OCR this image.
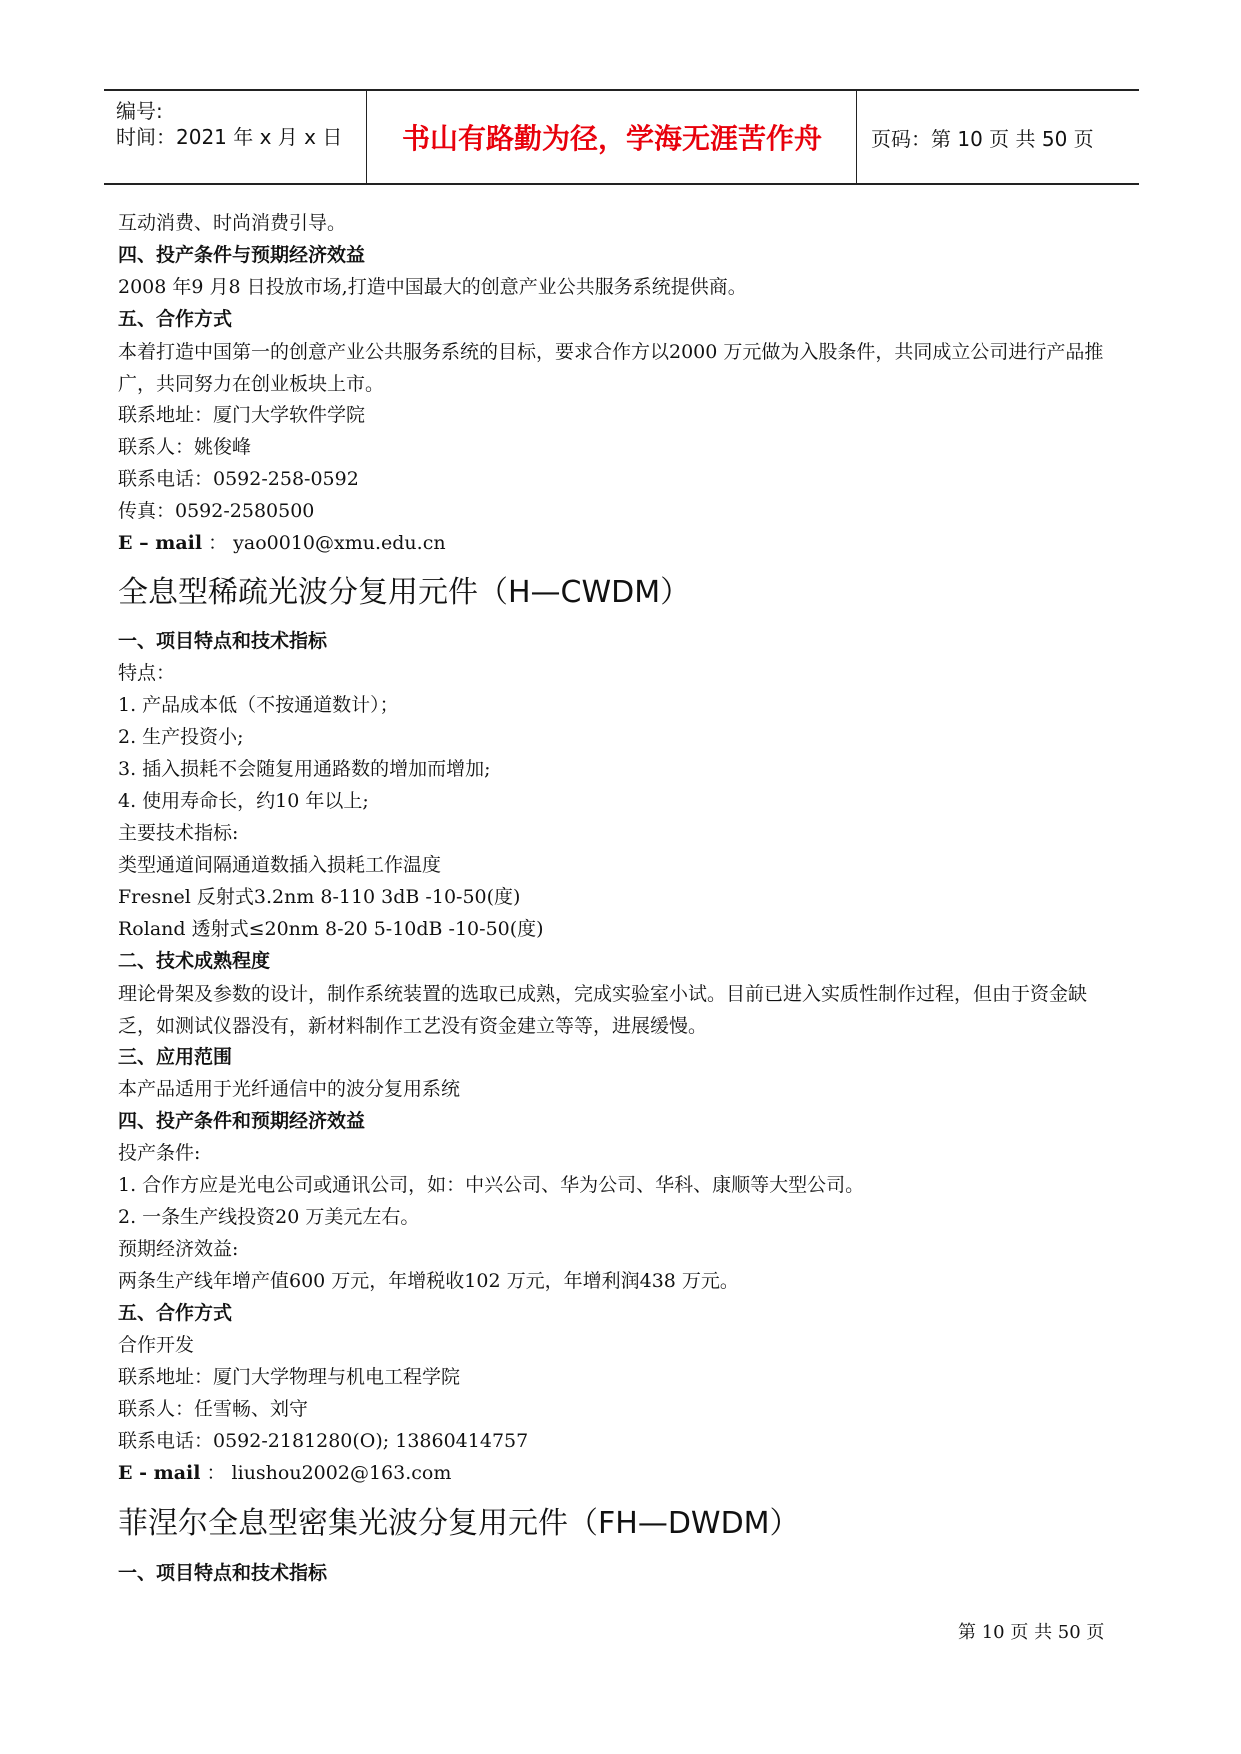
编号:
时间：2021 年 x 月 x 日	书山有路勤为径，学海无涯苦作舟	页码：第 10 页 共 50 页
互动消费、时尚消费引导。
四、投产条件与预期经济效益
2008 年9 月8 日投放市场,打造中国最大的创意产业公共服务系统提供商。
五、合作方式
本着打造中国第一的创意产业公共服务系统的目标，要求合作方以2000 万元做为入股条件，共同成立公司进行产品推广，共同努力在创业板块上市。
联系地址：厦门大学软件学院
联系人：姚俊峰
联系电话：0592-258-0592
传真：0592-2580500
E – mail ： yao0010@xmu.edu.cn
全息型稀疏光波分复用元件（H—CWDM）
一、项目特点和技术指标
特点：
1. 产品成本低（不按通道数计）；
2. 生产投资小;
3. 插入损耗不会随复用通路数的增加而增加;
4. 使用寿命长，约10 年以上;
主要技术指标:
类型通道间隔通道数插入损耗工作温度
Fresnel 反射式3.2nm 8-110 3dB -10-50(度)
Roland 透射式≤20nm 8-20 5-10dB -10-50(度)
二、技术成熟程度
理论骨架及参数的设计，制作系统装置的选取已成熟，完成实验室小试。目前已进入实质性制作过程，但由于资金缺乏，如测试仪器没有，新材料制作工艺没有资金建立等等，进展缓慢。
三、应用范围
本产品适用于光纤通信中的波分复用系统
四、投产条件和预期经济效益
投产条件:
1. 合作方应是光电公司或通讯公司，如：中兴公司、华为公司、华科、康顺等大型公司。
2. 一条生产线投资20 万美元左右。
预期经济效益:
两条生产线年增产值600 万元，年增税收102 万元，年增利润438 万元。
五、合作方式
合作开发
联系地址：厦门大学物理与机电工程学院
联系人：任雪畅、刘守
联系电话：0592-2181280(O); 13860414757
E - mail ： liushou2002@163.com
菲涅尔全息型密集光波分复用元件（FH—DWDM）
一、项目特点和技术指标
第 10 页 共 50 页
